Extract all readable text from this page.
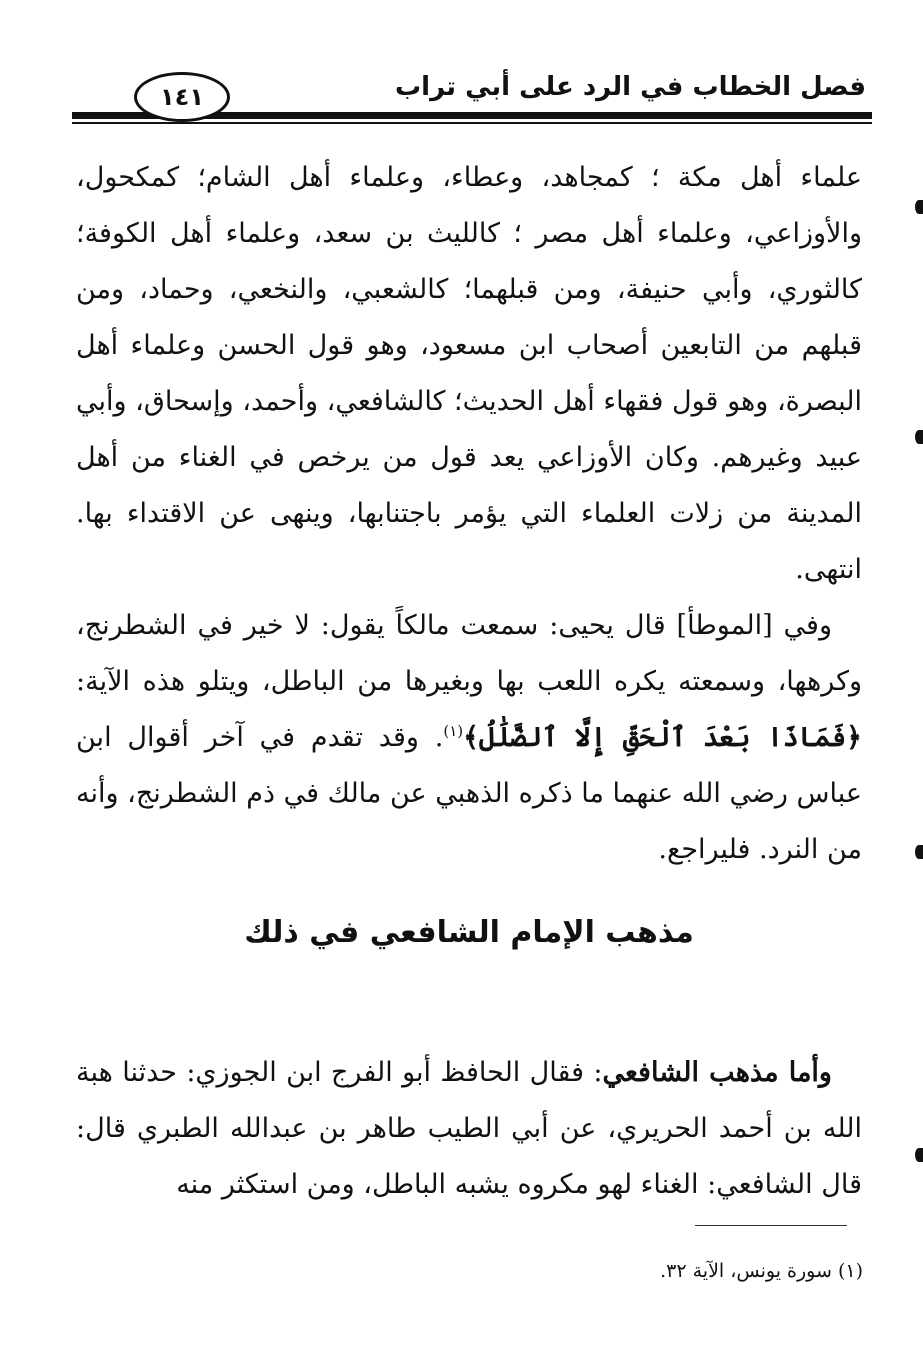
فصل الخطاب في الرد على أبي تراب
١٤١

علماء أهل مكة ؛ كمجاهد، وعطاء، وعلماء أهل الشام؛ كمكحول، والأوزاعي، وعلماء أهل مصر ؛ كالليث بن سعد، وعلماء أهل الكوفة؛ كالثوري، وأبي حنيفة، ومن قبلهما؛ كالشعبي، والنخعي، وحماد، ومن قبلهم من التابعين أصحاب ابن مسعود، وهو قول الحسن وعلماء أهل البصرة، وهو قول فقهاء أهل الحديث؛ كالشافعي، وأحمد، وإسحاق، وأبي عبيد وغيرهم. وكان الأوزاعي يعد قول من يرخص في الغناء من أهل المدينة من زلات العلماء التي يؤمر باجتنابها، وينهى عن الاقتداء بها. انتهى.

وفي [الموطأ] قال يحيى: سمعت مالكاً يقول: لا خير في الشطرنج، وكرهها، وسمعته يكره اللعب بها وبغيرها من الباطل، ويتلو هذه الآية: ﴿فَمَاذَا بَعْدَ ٱلْحَقِّ إِلَّا ٱلضَّلَٰلُ﴾$^{(١)}$. وقد تقدم في آخر أقوال ابن عباس رضي الله عنهما ما ذكره الذهبي عن مالك في ذم الشطرنج، وأنه من النرد. فليراجع.

مذهب الإمام الشافعي في ذلك

وأما مذهب الشافعي: فقال الحافظ أبو الفرج ابن الجوزي: حدثنا هبة الله بن أحمد الحريري، عن أبي الطيب طاهر بن عبدالله الطبري قال: قال الشافعي: الغناء لهو مكروه يشبه الباطل، ومن استكثر منه

(١) سورة يونس، الآية ٣٢.
